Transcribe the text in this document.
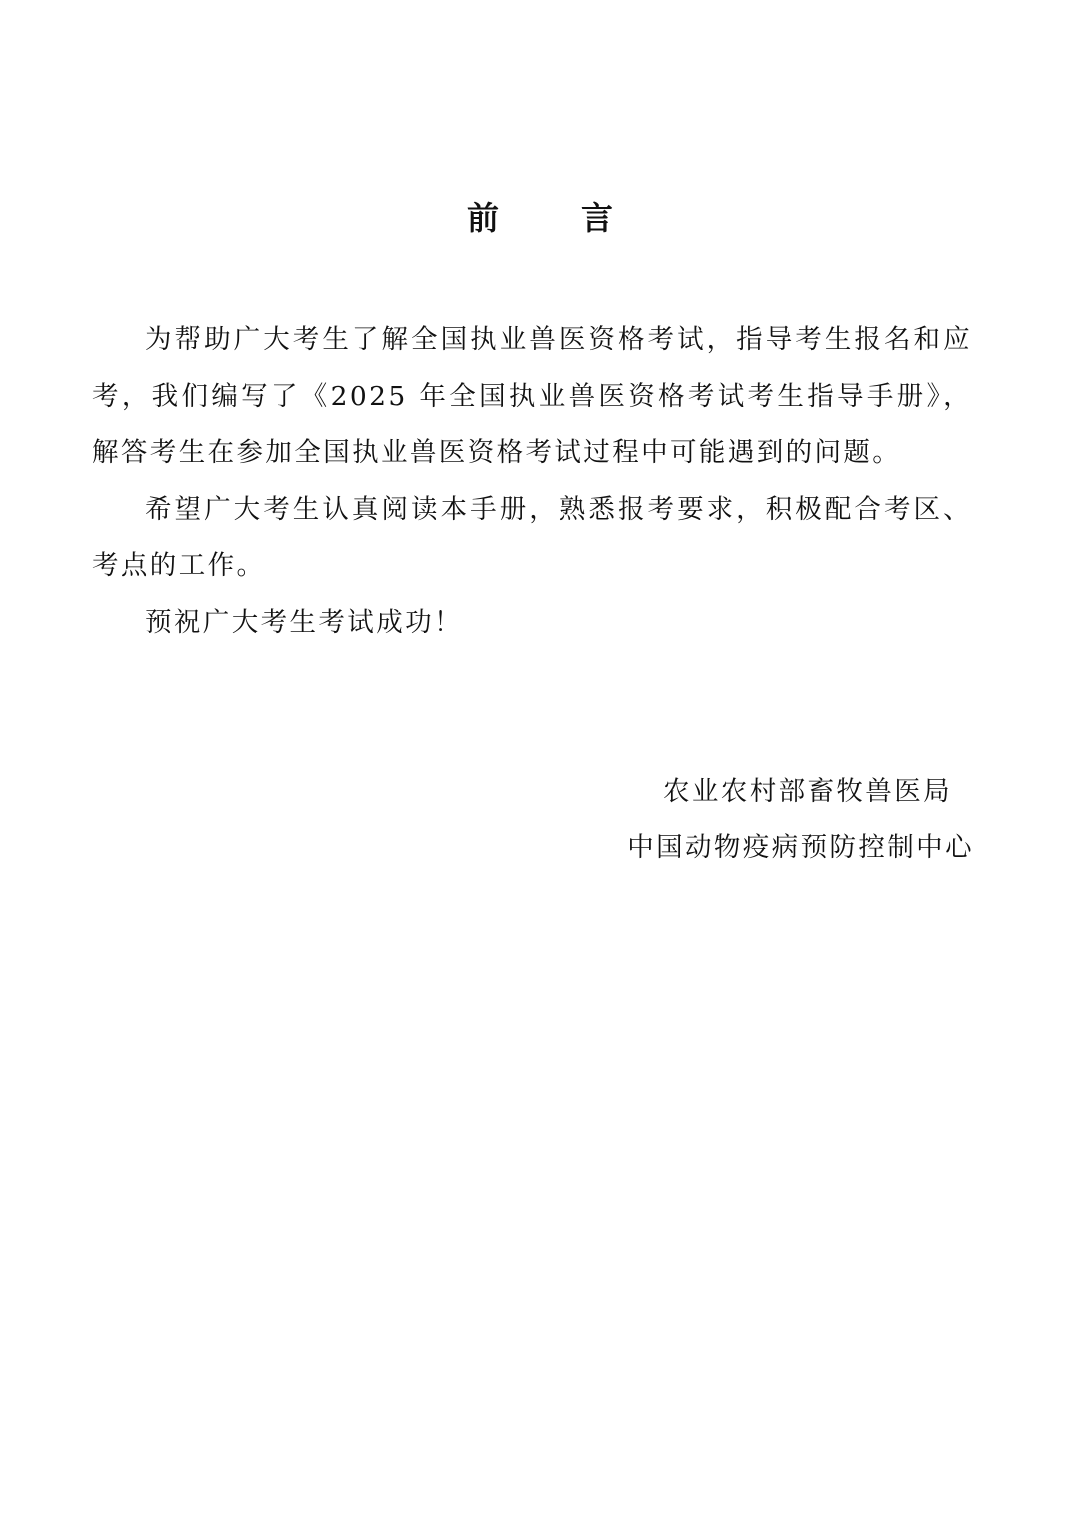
前	言

为帮助广大考生了解全国执业兽医资格考试，指导考生报名和应考，我们编写了《2025 年全国执业兽医资格考试考生指导手册》，解答考生在参加全国执业兽医资格考试过程中可能遇到的问题。

希望广大考生认真阅读本手册，熟悉报考要求，积极配合考区、考点的工作。

预祝广大考生考试成功！

农业农村部畜牧兽医局
中国动物疫病预防控制中心
